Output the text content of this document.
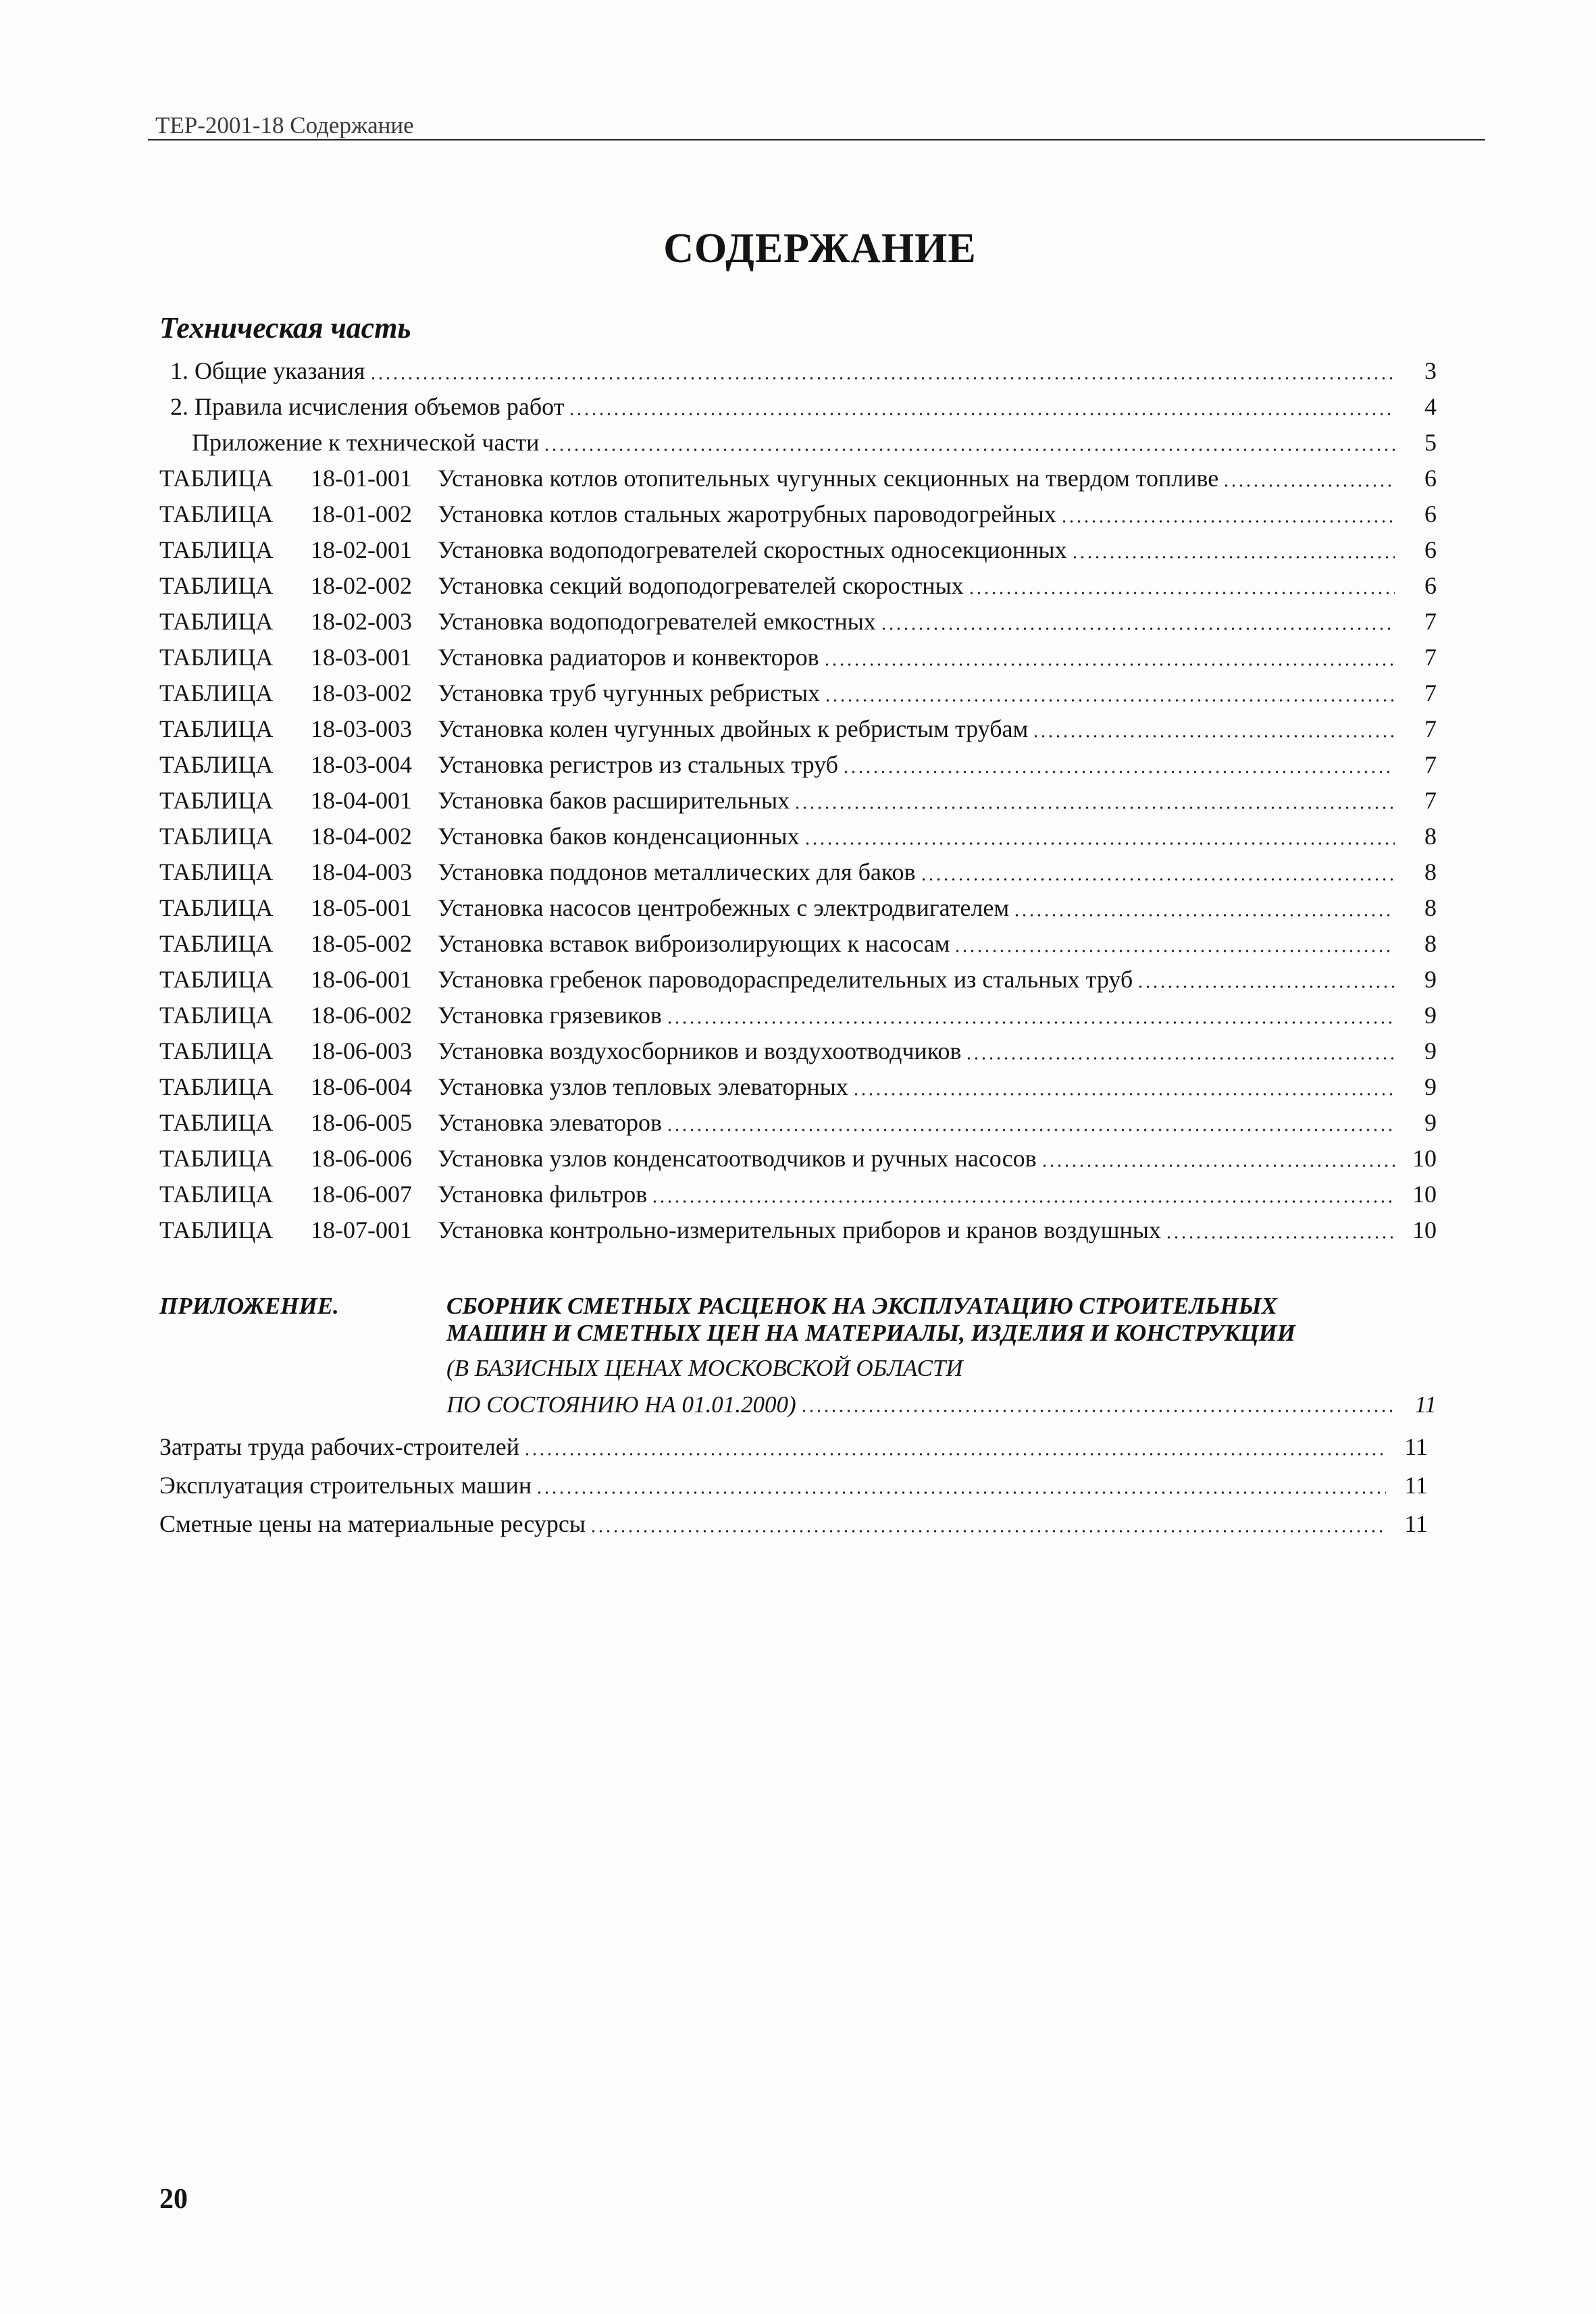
ТЕР-2001-18 Содержание
СОДЕРЖАНИЕ
Техническая часть
1. Общие указания	3
2. Правила исчисления объемов работ	4
Приложение к технической части	5
ТАБЛИЦА	18-01-001	Установка котлов отопительных чугунных секционных на твердом топливе	6
ТАБЛИЦА	18-01-002	Установка котлов стальных жаротрубных пароводогрейных	6
ТАБЛИЦА	18-02-001	Установка водоподогревателей скоростных односекционных	6
ТАБЛИЦА	18-02-002	Установка секций водоподогревателей скоростных	6
ТАБЛИЦА	18-02-003	Установка водоподогревателей емкостных	7
ТАБЛИЦА	18-03-001	Установка радиаторов и конвекторов	7
ТАБЛИЦА	18-03-002	Установка труб чугунных ребристых	7
ТАБЛИЦА	18-03-003	Установка колен чугунных двойных к ребристым трубам	7
ТАБЛИЦА	18-03-004	Установка регистров из стальных труб	7
ТАБЛИЦА	18-04-001	Установка баков расширительных	7
ТАБЛИЦА	18-04-002	Установка баков конденсационных	8
ТАБЛИЦА	18-04-003	Установка поддонов металлических для баков	8
ТАБЛИЦА	18-05-001	Установка насосов центробежных с электродвигателем	8
ТАБЛИЦА	18-05-002	Установка вставок виброизолирующих к насосам	8
ТАБЛИЦА	18-06-001	Установка гребенок пароводораспределительных из стальных труб	9
ТАБЛИЦА	18-06-002	Установка грязевиков	9
ТАБЛИЦА	18-06-003	Установка воздухосборников и воздухоотводчиков	9
ТАБЛИЦА	18-06-004	Установка узлов тепловых элеваторных	9
ТАБЛИЦА	18-06-005	Установка элеваторов	9
ТАБЛИЦА	18-06-006	Установка узлов конденсатоотводчиков и ручных насосов	10
ТАБЛИЦА	18-06-007	Установка фильтров	10
ТАБЛИЦА	18-07-001	Установка контрольно-измерительных приборов и кранов воздушных	10
ПРИЛОЖЕНИЕ.	СБОРНИК СМЕТНЫХ РАСЦЕНОК НА ЭКСПЛУАТАЦИЮ СТРОИТЕЛЬНЫХ
МАШИН И СМЕТНЫХ ЦЕН НА МАТЕРИАЛЫ, ИЗДЕЛИЯ И КОНСТРУКЦИИ
(В БАЗИСНЫХ ЦЕНАХ МОСКОВСКОЙ ОБЛАСТИ
ПО СОСТОЯНИЮ НА 01.01.2000)	11
Затраты труда рабочих-строителей	11
Эксплуатация строительных машин	11
Сметные цены на материальные ресурсы	11
20
